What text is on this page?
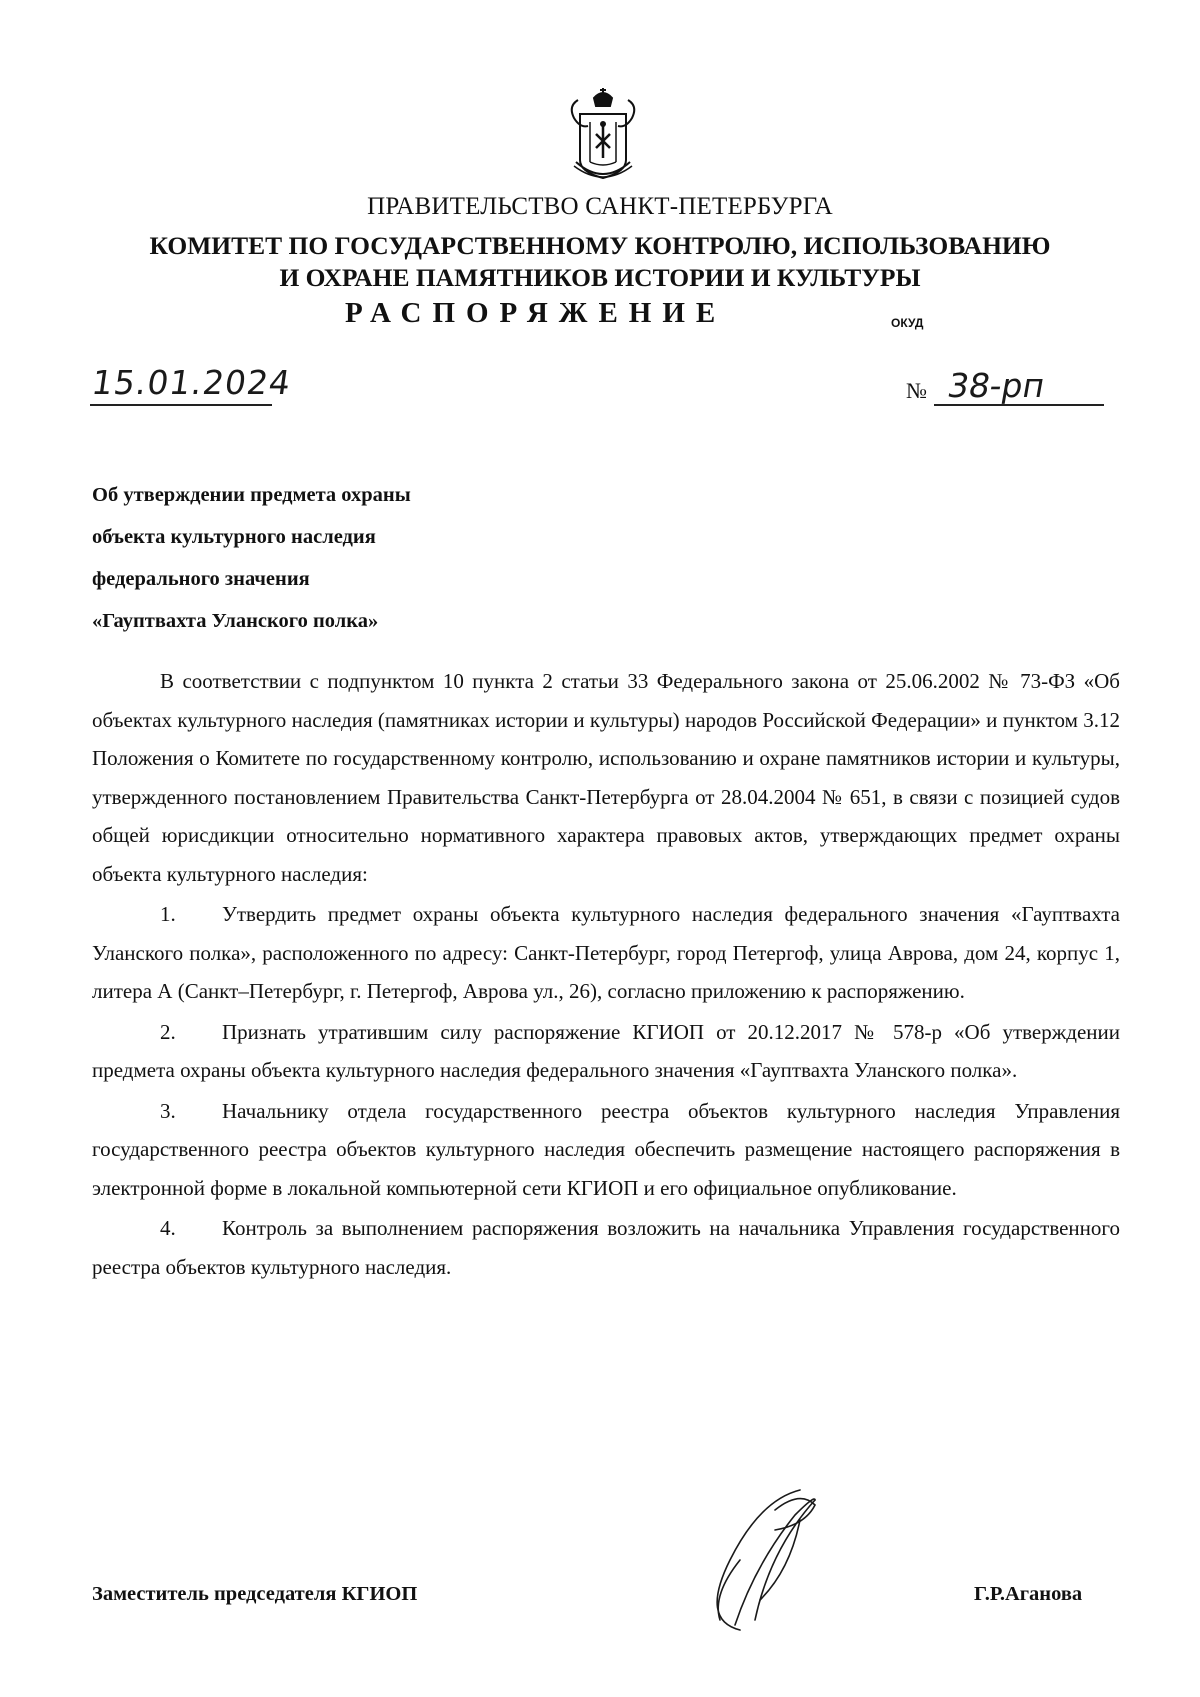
ПРАВИТЕЛЬСТВО САНКТ-ПЕТЕРБУРГА
КОМИТЕТ ПО ГОСУДАРСТВЕННОМУ КОНТРОЛЮ, ИСПОЛЬЗОВАНИЮ
И ОХРАНЕ ПАМЯТНИКОВ ИСТОРИИ И КУЛЬТУРЫ
РАСПОРЯЖЕНИЕ	ОКУД
15.01.2024	№ 38-рп
Об утверждении предмета охраны
объекта культурного наследия
федерального значения
«Гауптвахта Уланского полка»

В соответствии с подпунктом 10 пункта 2 статьи 33 Федерального закона от 25.06.2002 № 73-ФЗ «Об объектах культурного наследия (памятниках истории и культуры) народов Российской Федерации» и пунктом 3.12 Положения о Комитете по государственному контролю, использованию и охране памятников истории и культуры, утвержденного постановлением Правительства Санкт-Петербурга от 28.04.2004 № 651, в связи с позицией судов общей юрисдикции относительно нормативного характера правовых актов, утверждающих предмет охраны объекта культурного наследия:

1. Утвердить предмет охраны объекта культурного наследия федерального значения «Гауптвахта Уланского полка», расположенного по адресу: Санкт-Петербург, город Петергоф, улица Аврова, дом 24, корпус 1, литера А (Санкт–Петербург, г. Петергоф, Аврова ул., 26), согласно приложению к распоряжению.

2. Признать утратившим силу распоряжение КГИОП от 20.12.2017 № 578-р «Об утверждении предмета охраны объекта культурного наследия федерального значения «Гауптвахта Уланского полка».

3. Начальнику отдела государственного реестра объектов культурного наследия Управления государственного реестра объектов культурного наследия обеспечить размещение настоящего распоряжения в электронной форме в локальной компьютерной сети КГИОП и его официальное опубликование.

4. Контроль за выполнением распоряжения возложить на начальника Управления государственного реестра объектов культурного наследия.

Заместитель председателя КГИОП	Г.Р.Аганова
